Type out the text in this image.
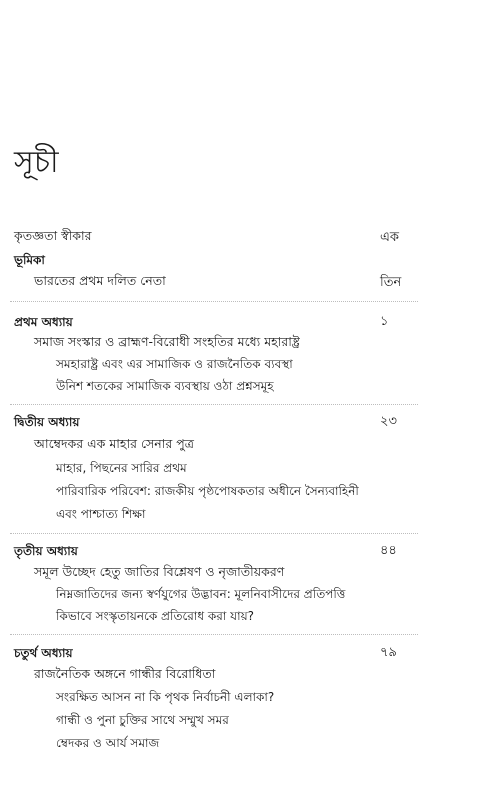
সূচী
কৃতজ্ঞতা স্বীকার	এক
ভূমিকা
ভারতের প্রথম দলিত নেতা	তিন
প্রথম অধ্যায়	১
সমাজ সংস্কার ও ব্রাহ্মণ-বিরোধী সংহতির মধ্যে মহারাষ্ট্র
সমহারাষ্ট্র এবং এর সামাজিক ও রাজনৈতিক ব্যবস্থা
উনিশ শতকের সামাজিক ব্যবস্থায় ওঠা প্রশ্নসমূহ
দ্বিতীয় অধ্যায়	২৩
আম্বেদকর এক মাহার সেনার পুত্র
মাহার, পিছনের সারির প্রথম
পারিবারিক পরিবেশ: রাজকীয় পৃষ্ঠপোষকতার অধীনে সৈন্যবাহিনী
এবং পাশ্চাত্য শিক্ষা
তৃতীয় অধ্যায়	৪৪
সমূল উচ্ছেদ হেতু জাতির বিশ্লেষণ ও নৃজাতীয়করণ
নিম্নজাতিদের জন্য স্বর্ণযুগের উদ্ভাবন: মূলনিবাসীদের প্রতিপত্তি
কিভাবে সংস্কৃতায়নকে প্রতিরোধ করা যায়?
চতুর্থ অধ্যায়	৭৯
রাজনৈতিক অঙ্গনে গান্ধীর বিরোধিতা
সংরক্ষিত আসন না কি পৃথক নির্বাচনী এলাকা?
গান্ধী ও পুনা চুক্তির সাথে সম্মুখ সমর
ম্বেদকর ও আর্য সমাজ
